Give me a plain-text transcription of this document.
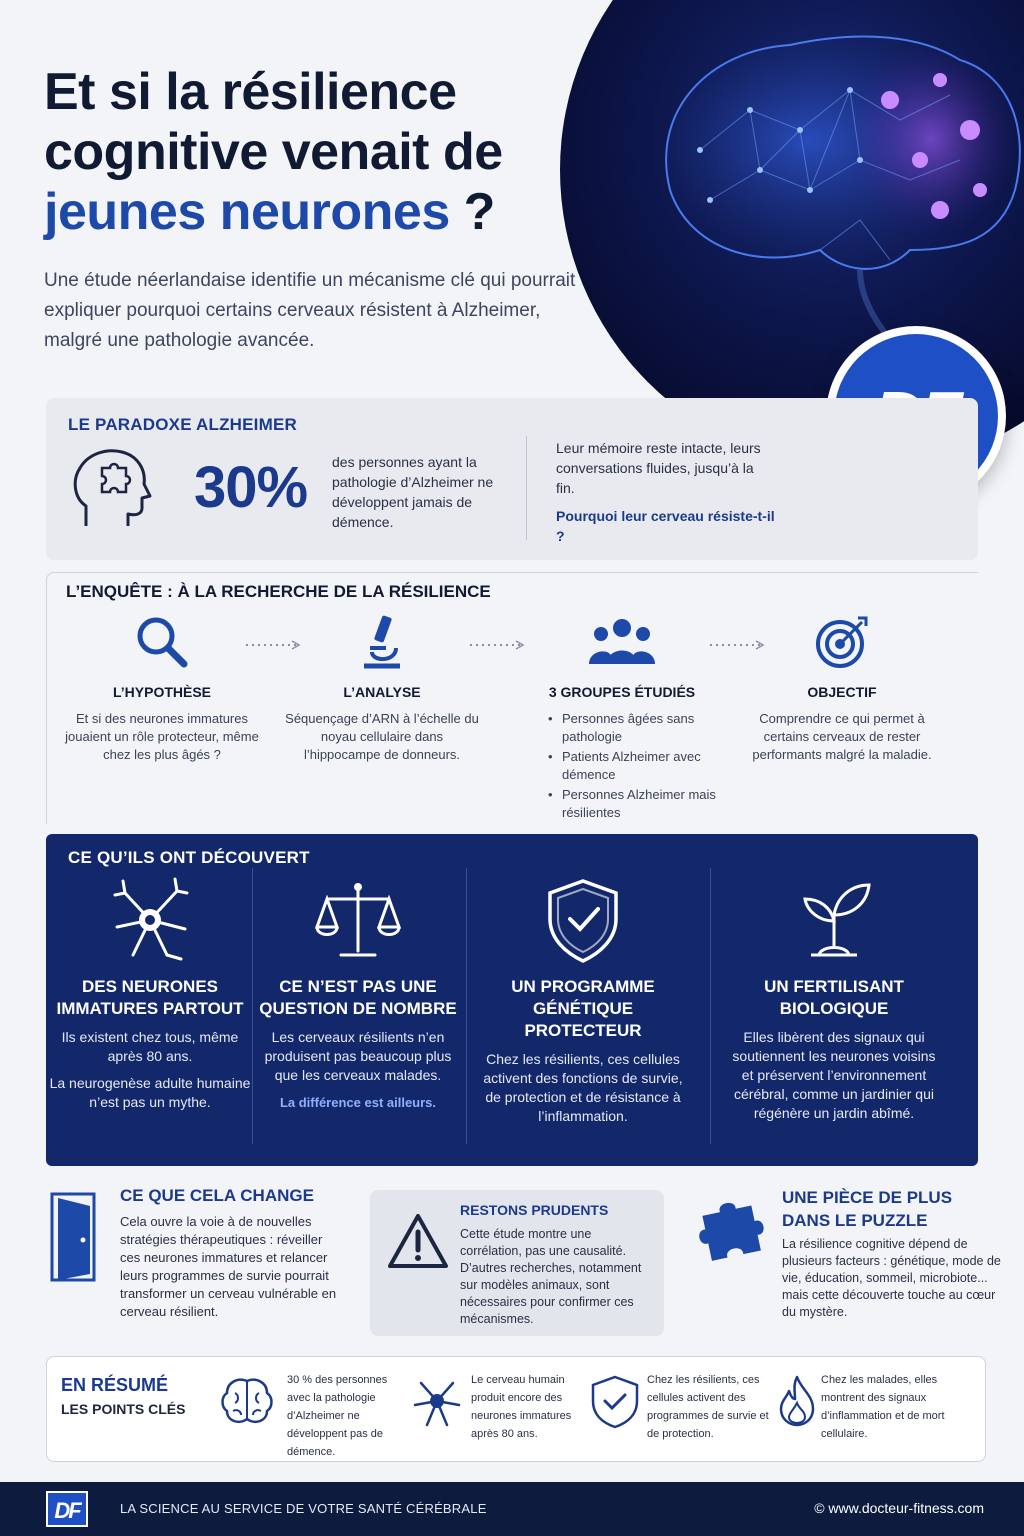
Et si la résilience cognitive venait de jeunes neurones ?

Une étude néerlandaise identifie un mécanisme clé qui pourrait expliquer pourquoi certains cerveaux résistent à Alzheimer, malgré une pathologie avancée.

LE PARADOXE ALZHEIMER
30% des personnes ayant la pathologie d’Alzheimer ne développent jamais de démence.

Leur mémoire reste intacte, leurs conversations fluides, jusqu’à la fin.

Pourquoi leur cerveau résiste-t-il ?

L’ENQUÊTE : À LA RECHERCHE DE LA RÉSILIENCE
L’HYPOTHÈSE

Et si des neurones immatures jouaient un rôle protecteur, même chez les plus âgés ?

L’ANALYSE

Séquençage d’ARN à l’échelle du noyau cellulaire dans l’hippocampe de donneurs.

3 GROUPES ÉTUDIÉS
• Personnes âgées sans pathologie
• Patients Alzheimer avec démence
• Personnes Alzheimer mais résilientes
OBJECTIF

Comprendre ce qui permet à certains cerveaux de rester performants malgré la maladie.

CE QU’ILS ONT DÉCOUVERT
DES NEURONES IMMATURES PARTOUT

Ils existent chez tous, même après 80 ans.

La neurogenèse adulte humaine n’est pas un mythe.

CE N’EST PAS UNE QUESTION DE NOMBRE

Les cerveaux résilients n’en produisent pas beaucoup plus que les cerveaux malades.

La différence est ailleurs.

UN PROGRAMME GÉNÉTIQUE PROTECTEUR

Chez les résilients, ces cellules activent des fonctions de survie, de protection et de résistance à l’inflammation.

UN FERTILISANT BIOLOGIQUE

Elles libèrent des signaux qui soutiennent les neurones voisins et préservent l’environnement cérébral, comme un jardinier qui régénère un jardin abîmé.

CE QUE CELA CHANGE

Cela ouvre la voie à de nouvelles stratégies thérapeutiques : réveiller ces neurones immatures et relancer leurs programmes de survie pourrait transformer un cerveau vulnérable en cerveau résilient.

RESTONS PRUDENTS

Cette étude montre une corrélation, pas une causalité. D’autres recherches, notamment sur modèles animaux, sont nécessaires pour confirmer ces mécanismes.

UNE PIÈCE DE PLUS DANS LE PUZZLE

La résilience cognitive dépend de plusieurs facteurs : génétique, mode de vie, éducation, sommeil, microbiote... mais cette découverte touche au cœur du mystère.

EN RÉSUMÉ
LES POINTS CLÉS

30 % des personnes avec la pathologie d’Alzheimer ne développent pas de démence.

Le cerveau humain produit encore des neurones immatures après 80 ans.

Chez les résilients, ces cellules activent des programmes de survie et de protection.

Chez les malades, elles montrent des signaux d’inflammation et de mort cellulaire.

DF	LA SCIENCE AU SERVICE DE VOTRE SANTÉ CÉRÉBRALE	© www.docteur-fitness.com
